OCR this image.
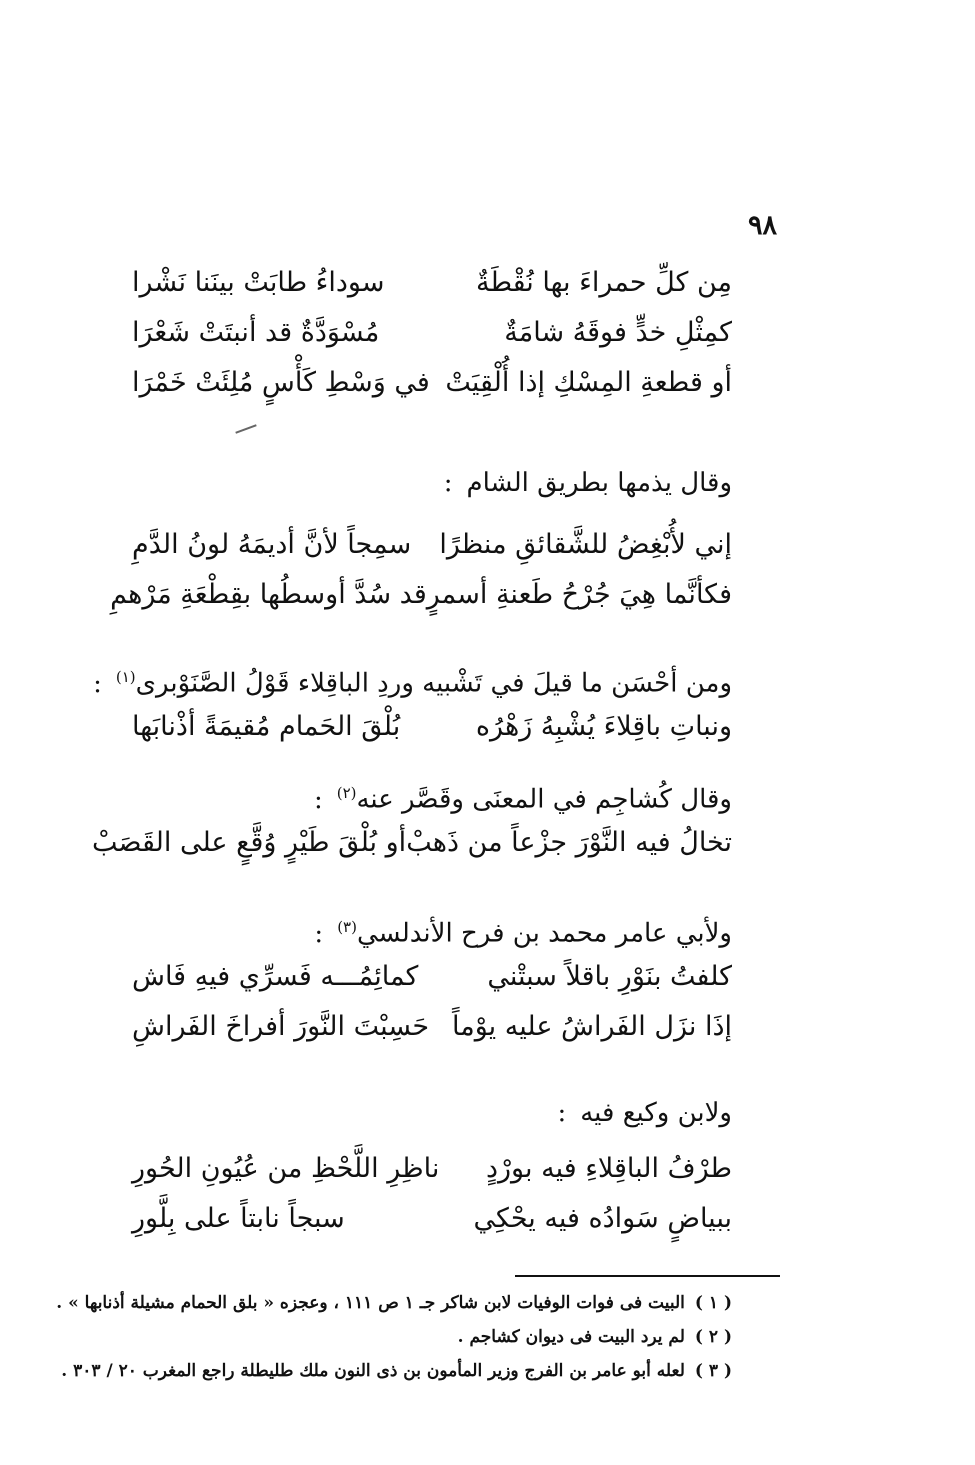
٩٨
مِن كلِّ حمراءَ بها نُقْطَةٌ
سوداءُ طابَتْ بينَنا نَشْرا
كمِثْلِ خدٍّ فوقَهُ شامَةٌ
مُسْوَدَّةٌ قد أنبتَتْ شَعْرَا
أو قطعةِ المِسْكِ إذا أُلْقِيَتْ
في وَسْطِ كَأْسٍ مُلِئَتْ خَمْرَا
وقال يذمها بطريق الشام:
إني لأُبْغِضُ للشَّقائقِ منظرًا
سمِجاً لأنَّ أديمَهُ لونُ الدَّمِ
فكأنَّما هِيَ جُرْحُ طَعنةِ أسمرٍ
قد سُدَّ أوسطُها بقِطْعَةِ مَرْهمِ
ومن أحْسَن ما قيلَ في تَشْبيه وردِ الباقِلاء قَوْلُ الصَّنَوْبرى$^{(١)}$:
ونباتِ باقِلاءَ يُشْبِهُ زَهْرُه
بُلْقَ الحَمام مُقيمَةً أذْنابَها
وقال كُشاجِم في المعنَى وقَصَّر عنه$^{(٢)}$:
تخالُ فيه النَّوْرَ جزْعاً من ذَهبْ
أو بُلْقَ طَيْرٍ وُقَّعٍ على القَصَبْ
ولأبي عامر محمد بن فرح الأندلسي$^{(٣)}$:
كلفتُ بنَوْرِ باقلاً سبتْني
كمائِمُـــه فَسرِّي فيهِ فَاش
إذَا نزَل الفَراشُ عليه يوْماً
حَسِبْتَ النَّورَ أفراخَ الفَراشِ
ولابن وكيع فيه:
طرْفُ الباقِلاءِ فيه بورْدٍ
ناظِرِ اللَّحْظِ من عُيُونِ الحُورِ
ببياضٍ سَوادُه فيه يحْكِي
سبجاً نابتاً على بِلَّورِ
( ١ )البيت فى فوات الوفيات لابن شاكر جـ ١ ص ١١١ ، وعجزه « بلق الحمام مشيلة أذنابها » .
( ٢ )لم يرد البيت فى ديوان كشاجم .
( ٣ )لعله أبو عامر بن الفرج وزير المأمون بن ذى النون ملك طليطلة راجع المغرب ٢٠ / ٣٠٣ .
